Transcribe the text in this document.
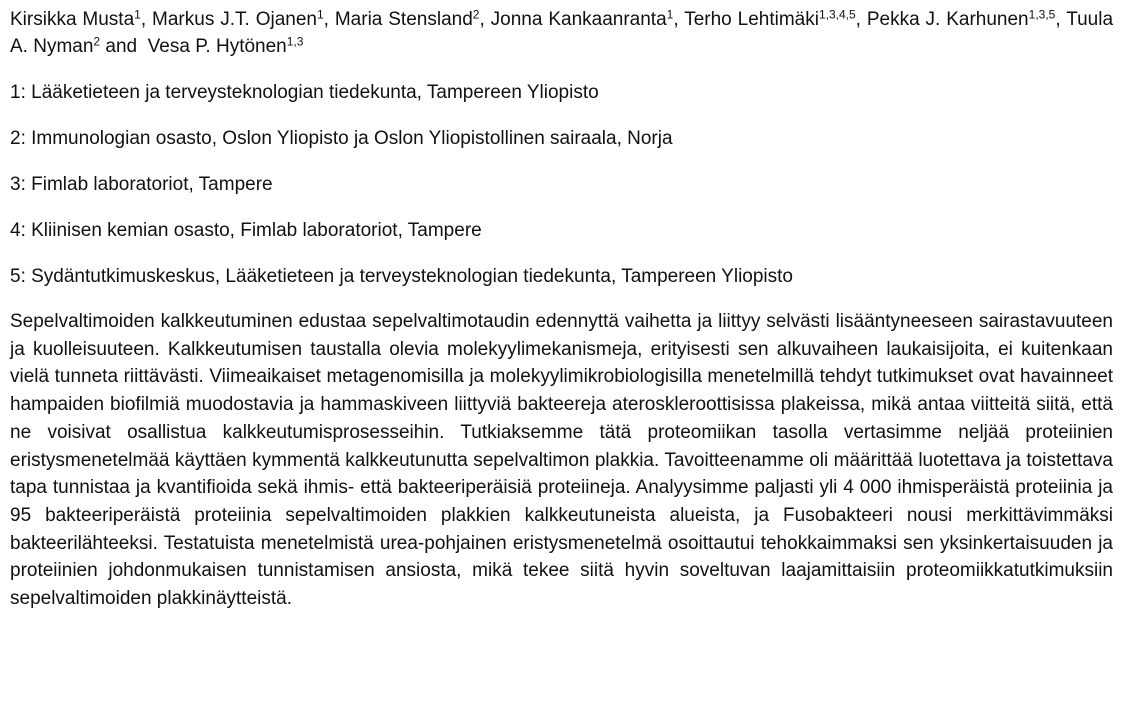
Kirsikka Musta$^1$, Markus J.T. Ojanen$^1$, Maria Stensland$^2$, Jonna Kankaanranta$^1$, Terho Lehtimäki$^{1,3,4,5}$, Pekka J. Karhunen$^{1,3,5}$, Tuula A. Nyman$^2$ and  Vesa P. Hytönen$^{1,3}$

1: Lääketieteen ja terveysteknologian tiedekunta, Tampereen Yliopisto

2: Immunologian osasto, Oslon Yliopisto ja Oslon Yliopistollinen sairaala, Norja

3: Fimlab laboratoriot, Tampere

4: Kliinisen kemian osasto, Fimlab laboratoriot, Tampere

5: Sydäntutkimuskeskus, Lääketieteen ja terveysteknologian tiedekunta, Tampereen Yliopisto

Sepelvaltimoiden kalkkeutuminen edustaa sepelvaltimotaudin edennyttä vaihetta ja liittyy selvästi lisääntyneeseen sairastavuuteen ja kuolleisuuteen. Kalkkeutumisen taustalla olevia molekyylimekanismeja, erityisesti sen alkuvaiheen laukaisijoita, ei kuitenkaan vielä tunneta riittävästi. Viimeaikaiset metagenomisilla ja molekyylimikrobiologisilla menetelmillä tehdyt tutkimukset ovat havainneet hampaiden biofilmiä muodostavia ja hammaskiveen liittyviä bakteereja ateroskleroottisissa plakeissa, mikä antaa viitteitä siitä, että ne voisivat osallistua kalkkeutumisprosesseihin. Tutkiaksemme tätä proteomiikan tasolla vertasimme neljää proteiinien eristysmenetelmää käyttäen kymmentä kalkkeutunutta sepelvaltimon plakkia. Tavoitteenamme oli määrittää luotettava ja toistettava tapa tunnistaa ja kvantifioida sekä ihmis- että bakteeriperäisiä proteiineja. Analyysimme paljasti yli 4 000 ihmisperäistä proteiinia ja 95 bakteeriperäistä proteiinia sepelvaltimoiden plakkien kalkkeutuneista alueista, ja Fusobakteeri nousi merkittävimmäksi bakteerilähteeksi. Testatuista menetelmistä urea-pohjainen eristysmenetelmä osoittautui tehokkaimmaksi sen yksinkertaisuuden ja proteiinien johdonmukaisen tunnistamisen ansiosta, mikä tekee siitä hyvin soveltuvan laajamittaisiin proteomiikkatutkimuksiin sepelvaltimoiden plakkinäytteistä.
